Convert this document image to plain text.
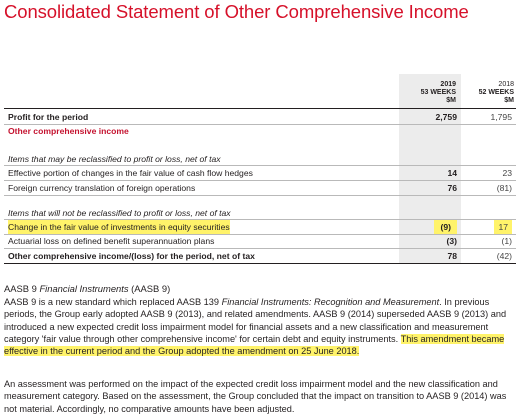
Consolidated Statement of Other Comprehensive Income
2019
53 WEEKS
$M
2018
52 WEEKS
$M
Profit for the period	2,759	1,795
Other comprehensive income
Items that may be reclassified to profit or loss, net of tax
Effective portion of changes in the fair value of cash flow hedges	14	23
Foreign currency translation of foreign operations	76	(81)
Items that will not be reclassified to profit or loss, net of tax
Change in the fair value of investments in equity securities	(9)	17
Actuarial loss on defined benefit superannuation plans	(3)	(1)
Other comprehensive income/(loss) for the period, net of tax	78	(42)
AASB 9 Financial Instruments (AASB 9)

AASB 9 is a new standard which replaced AASB 139 Financial Instruments: Recognition and Measurement. In previous periods, the Group early adopted AASB 9 (2013), and related amendments. AASB 9 (2014) superseded AASB 9 (2013) and introduced a new expected credit loss impairment model for financial assets and a new classification and measurement category 'fair value through other comprehensive income' for certain debt and equity instruments. This amendment became effective in the current period and the Group adopted the amendment on 25 June 2018.

An assessment was performed on the impact of the expected credit loss impairment model and the new classification and measurement category. Based on the assessment, the Group concluded that the impact on transition to AASB 9 (2014) was not material. Accordingly, no comparative amounts have been adjusted.
